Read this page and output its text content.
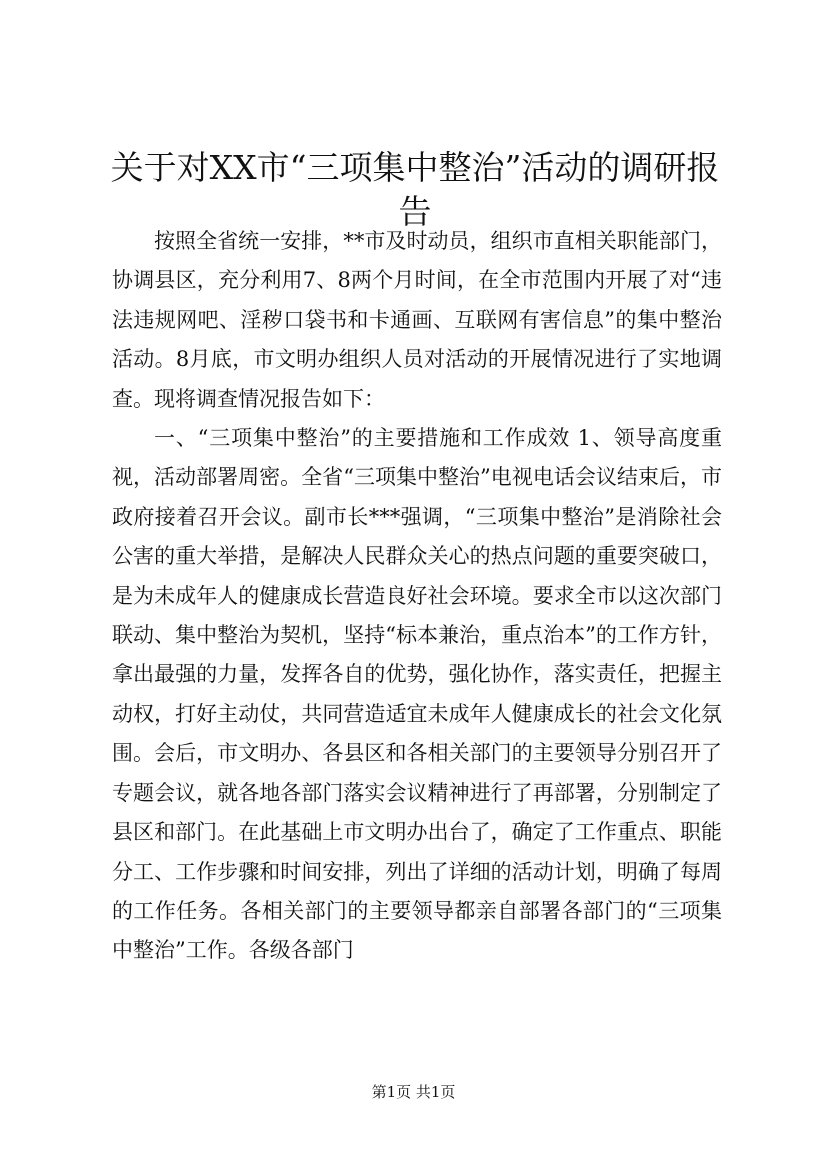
关于对XX市“三项集中整治”活动的调研报告

按照全省统一安排，**市及时动员，组织市直相关职能部门，协调县区，充分利用7、8两个月时间，在全市范围内开展了对“违法违规网吧、淫秽口袋书和卡通画、互联网有害信息”的集中整治活动。8月底，市文明办组织人员对活动的开展情况进行了实地调查。现将调查情况报告如下：

一、“三项集中整治”的主要措施和工作成效 1、领导高度重视，活动部署周密。全省“三项集中整治”电视电话会议结束后，市政府接着召开会议。副市长***强调，“三项集中整治”是消除社会公害的重大举措，是解决人民群众关心的热点问题的重要突破口，是为未成年人的健康成长营造良好社会环境。要求全市以这次部门联动、集中整治为契机，坚持“标本兼治，重点治本”的工作方针，拿出最强的力量，发挥各自的优势，强化协作，落实责任，把握主动权，打好主动仗，共同营造适宜未成年人健康成长的社会文化氛围。会后，市文明办、各县区和各相关部门的主要领导分别召开了专题会议，就各地各部门落实会议精神进行了再部署，分别制定了县区和部门。在此基础上市文明办出台了，确定了工作重点、职能分工、工作步骤和时间安排，列出了详细的活动计划，明确了每周的工作任务。各相关部门的主要领导都亲自部署各部门的“三项集中整治”工作。各级各部门

第1页 共1页
